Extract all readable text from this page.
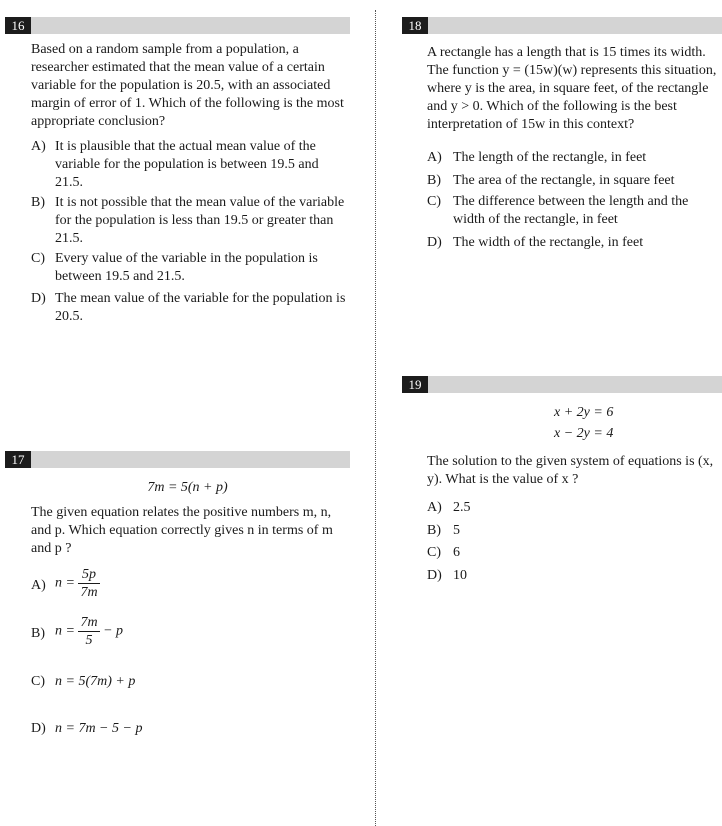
16

Based on a random sample from a population, a researcher estimated that the mean value of a certain variable for the population is 20.5, with an associated margin of error of 1. Which of the following is the most appropriate conclusion?

A) It is plausible that the actual mean value of the variable for the population is between 19.5 and 21.5.
B) It is not possible that the mean value of the variable for the population is less than 19.5 or greater than 21.5.
C) Every value of the variable in the population is between 19.5 and 21.5.
D) The mean value of the variable for the population is 20.5.
17
7m = 5(n + p)

The given equation relates the positive numbers m, n, and p. Which equation correctly gives n in terms of m and p ?

A) $n = \frac{5p}{7m}$
B) $n = \frac{7m}{5} - p$
C) n = 5(7m) + p
D) n = 7m − 5 − p
18

A rectangle has a length that is 15 times its width. The function y = (15w)(w) represents this situation, where y is the area, in square feet, of the rectangle and y > 0. Which of the following is the best interpretation of 15w in this context?

A) The length of the rectangle, in feet
B) The area of the rectangle, in square feet
C) The difference between the length and the width of the rectangle, in feet
D) The width of the rectangle, in feet
19
x + 2y = 6
x − 2y = 4

The solution to the given system of equations is (x, y). What is the value of x ?

A) 2.5
B) 5
C) 6
D) 10
